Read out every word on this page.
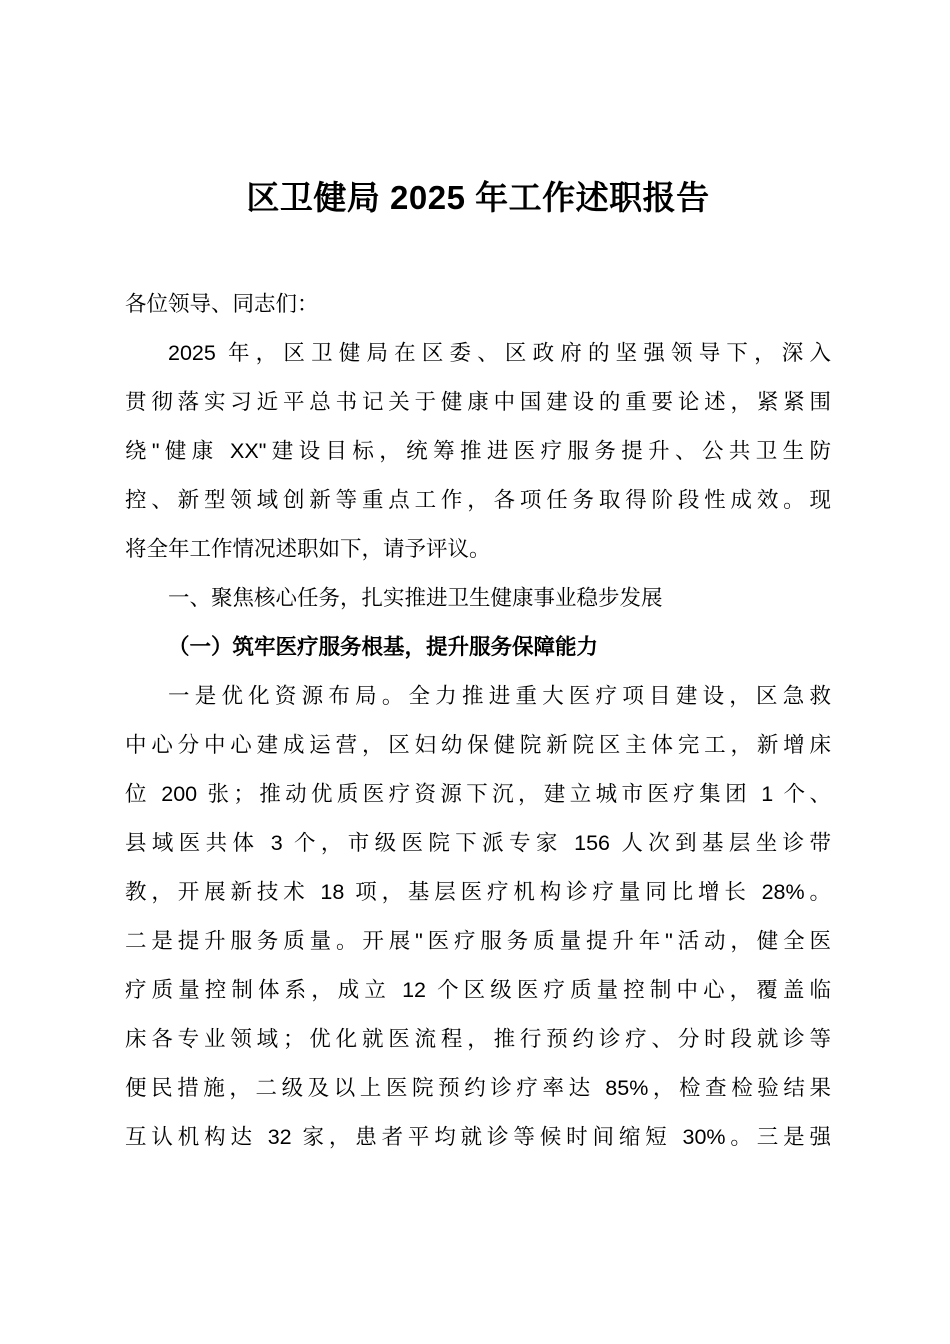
区卫健局 2025 年工作述职报告
各位领导、同志们：
2025 年，区卫健局在区委、区政府的坚强领导下，深入
贯彻落实习近平总书记关于健康中国建设的重要论述，紧紧围
绕"健康 XX"建设目标，统筹推进医疗服务提升、公共卫生防
控、新型领域创新等重点工作，各项任务取得阶段性成效。现
将全年工作情况述职如下，请予评议。
一、聚焦核心任务，扎实推进卫生健康事业稳步发展
（一）筑牢医疗服务根基，提升服务保障能力
一是优化资源布局。全力推进重大医疗项目建设，区急救
中心分中心建成运营，区妇幼保健院新院区主体完工，新增床
位 200 张；推动优质医疗资源下沉，建立城市医疗集团 1 个、
县域医共体 3 个，市级医院下派专家 156 人次到基层坐诊带
教，开展新技术 18 项，基层医疗机构诊疗量同比增长 28%。
二是提升服务质量。开展"医疗服务质量提升年"活动，健全医
疗质量控制体系，成立 12 个区级医疗质量控制中心，覆盖临
床各专业领域；优化就医流程，推行预约诊疗、分时段就诊等
便民措施，二级及以上医院预约诊疗率达 85%，检查检验结果
互认机构达 32 家，患者平均就诊等候时间缩短 30%。三是强
